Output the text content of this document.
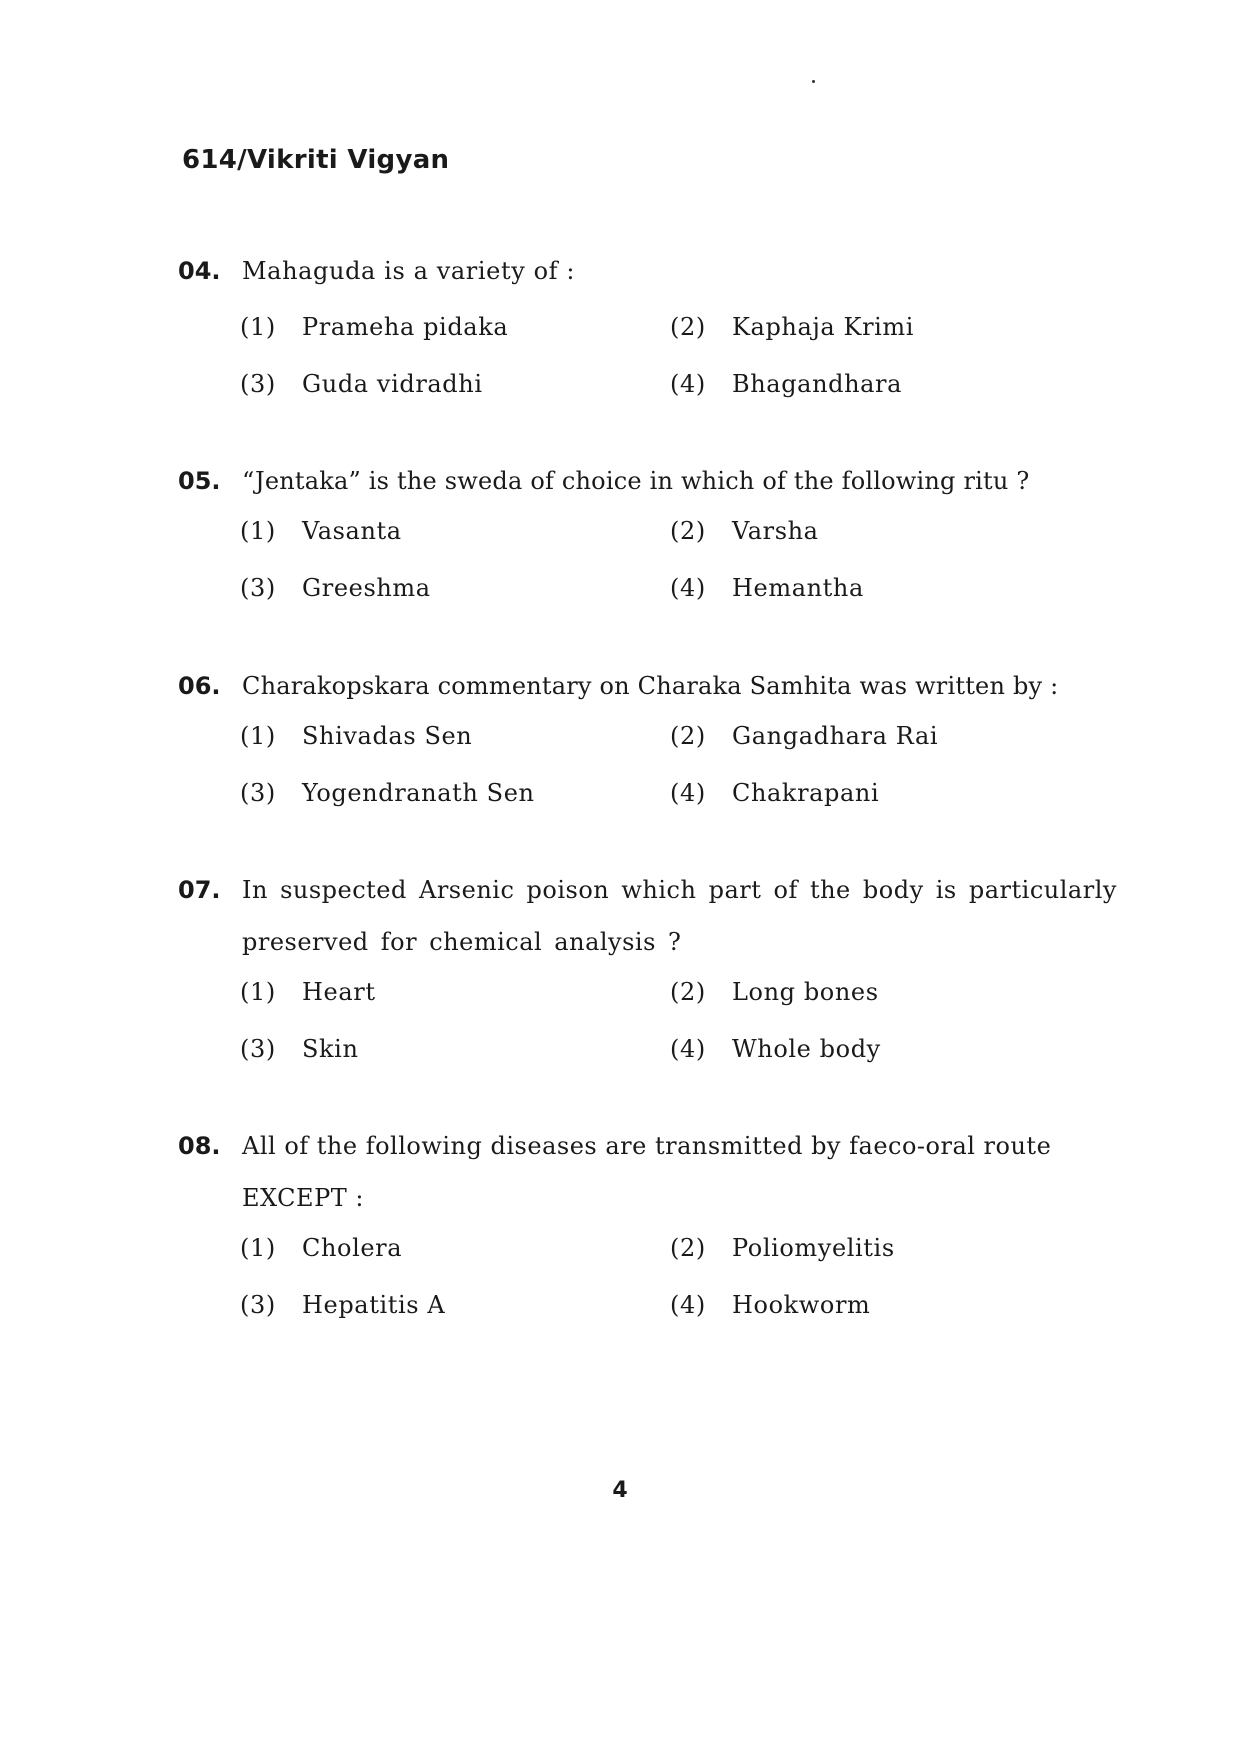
614/Vikriti Vigyan
04. Mahaguda is a variety of :
(1) Prameha pidaka	(2) Kaphaja Krimi
(3) Guda vidradhi	(4) Bhagandhara
05. “Jentaka” is the sweda of choice in which of the following ritu ?
(1) Vasanta	(2) Varsha
(3) Greeshma	(4) Hemantha
06. Charakopskara commentary on Charaka Samhita was written by :
(1) Shivadas Sen	(2) Gangadhara Rai
(3) Yogendranath Sen	(4) Chakrapani
07. In suspected Arsenic poison which part of the body is particularly preserved for chemical analysis ?
(1) Heart	(2) Long bones
(3) Skin	(4) Whole body
08. All of the following diseases are transmitted by faeco-oral route EXCEPT :
(1) Cholera	(2) Poliomyelitis
(3) Hepatitis A	(4) Hookworm
4
